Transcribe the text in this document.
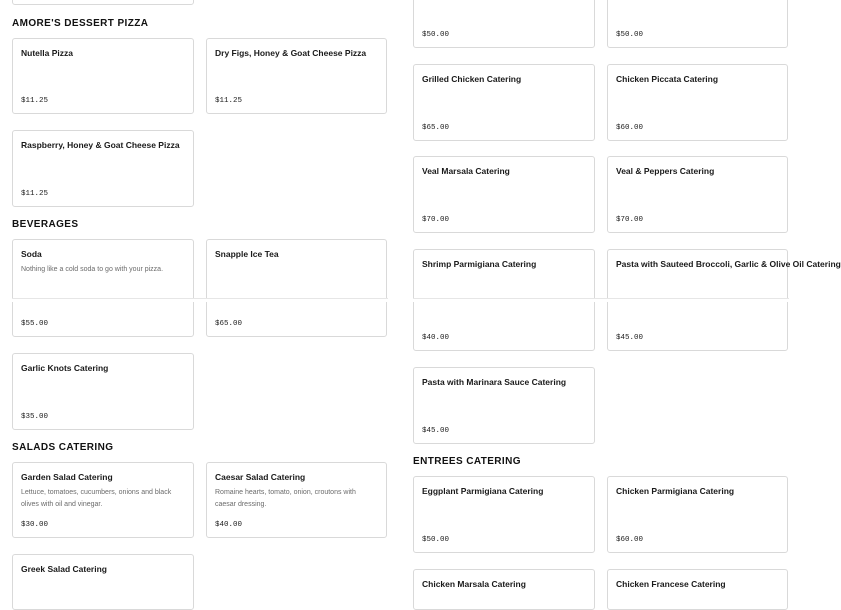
AMORE'S DESSERT PIZZA
Nutella Pizza
$11.25
Dry Figs, Honey & Goat Cheese Pizza
$11.25
Raspberry, Honey & Goat Cheese Pizza
$11.25
BEVERAGES
Soda
Nothing like a cold soda to go with your pizza.
$55.00
Snapple Ice Tea
$65.00
Garlic Knots Catering
$35.00
SALADS CATERING
Garden Salad Catering
Lettuce, tomatoes, cucumbers, onions and black olives with oil and vinegar.
$30.00
Caesar Salad Catering
Romaine hearts, tomato, onion, croutons with caesar dressing.
$40.00
Greek Salad Catering
$50.00	$50.00
Grilled Chicken Catering
$65.00
Chicken Piccata Catering
$60.00
Veal Marsala Catering
$70.00
Veal & Peppers Catering
$70.00
Shrimp Parmigiana Catering
$40.00
Pasta with Sauteed Broccoli, Garlic & Olive Oil Catering
$45.00
Pasta with Marinara Sauce Catering
$45.00
ENTREES CATERING
Eggplant Parmigiana Catering
$50.00
Chicken Parmigiana Catering
$60.00
Chicken Marsala Catering	Chicken Francese Catering
